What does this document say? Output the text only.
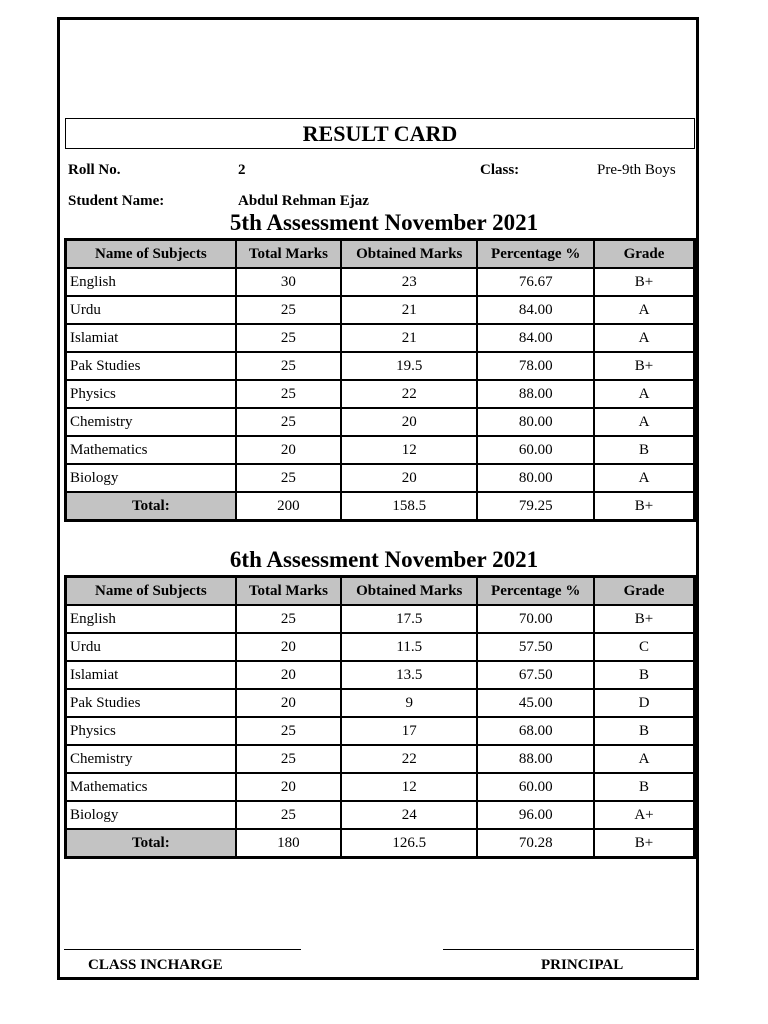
RESULT CARD
Roll No.	2	Class:	Pre-9th Boys
Student Name:	Abdul Rehman Ejaz
5th Assessment November 2021
Name of Subjects	Total Marks	Obtained Marks	Percentage %	Grade
English	30	23	76.67	B+
Urdu	25	21	84.00	A
Islamiat	25	21	84.00	A
Pak Studies	25	19.5	78.00	B+
Physics	25	22	88.00	A
Chemistry	25	20	80.00	A
Mathematics	20	12	60.00	B
Biology	25	20	80.00	A
Total:	200	158.5	79.25	B+
6th Assessment November 2021
Name of Subjects	Total Marks	Obtained Marks	Percentage %	Grade
English	25	17.5	70.00	B+
Urdu	20	11.5	57.50	C
Islamiat	20	13.5	67.50	B
Pak Studies	20	9	45.00	D
Physics	25	17	68.00	B
Chemistry	25	22	88.00	A
Mathematics	20	12	60.00	B
Biology	25	24	96.00	A+
Total:	180	126.5	70.28	B+
CLASS INCHARGE	PRINCIPAL
